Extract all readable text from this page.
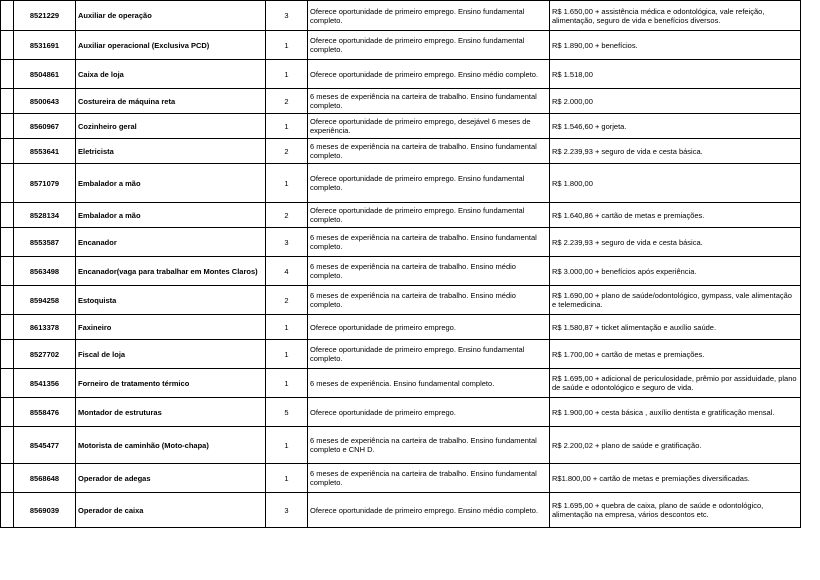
	8521229	Auxiliar de operação	3	Oferece oportunidade de primeiro emprego. Ensino fundamental completo.	R$ 1.650,00 + assistência médica e odontológica, vale refeição, alimentação, seguro de vida e benefícios diversos.
	8531691	Auxiliar operacional (Exclusiva PCD)	1	Oferece oportunidade de primeiro emprego. Ensino fundamental completo.	R$ 1.890,00 + benefícios.
	8504861	Caixa de loja	1	Oferece oportunidade de primeiro emprego. Ensino médio completo.	R$ 1.518,00
	8500643	Costureira de máquina reta	2	6 meses de experiência na carteira de trabalho. Ensino fundamental completo.	R$ 2.000,00
	8560967	Cozinheiro geral	1	Oferece oportunidade de primeiro emprego, desejável 6 meses de experiência.	R$ 1.546,60 + gorjeta.
	8553641	Eletricista	2	6 meses de experiência na carteira de trabalho. Ensino fundamental completo.	R$ 2.239,93 + seguro de vida e cesta básica.
	8571079	Embalador a mão	1	Oferece oportunidade de primeiro emprego. Ensino fundamental completo.	R$ 1.800,00
	8528134	Embalador a mão	2	Oferece oportunidade de primeiro emprego. Ensino fundamental completo.	R$ 1.640,86 + cartão de metas e premiações.
	8553587	Encanador	3	6 meses de experiência na carteira de trabalho. Ensino fundamental completo.	R$ 2.239,93 + seguro de vida e cesta básica.
	8563498	Encanador(vaga para trabalhar em Montes Claros)	4	6 meses de experiência na carteira de trabalho. Ensino médio completo.	R$ 3.000,00 + benefícios após experiência.
	8594258	Estoquista	2	6 meses de experiência na carteira de trabalho. Ensino médio completo.	R$ 1.690,00 + plano de saúde/odontológico, gympass, vale alimentação e telemedicina.
	8613378	Faxineiro	1	Oferece oportunidade de primeiro emprego.	R$ 1.580,87 + ticket alimentação e auxílio saúde.
	8527702	Fiscal de loja	1	Oferece oportunidade de primeiro emprego. Ensino fundamental completo.	R$ 1.700,00 + cartão de metas e premiações.
	8541356	Forneiro de tratamento térmico	1	6 meses de experiência. Ensino fundamental completo.	R$ 1.695,00 + adicional de periculosidade, prêmio por assiduidade, plano de saúde e odontológico e seguro de vida.
	8558476	Montador de estruturas	5	Oferece oportunidade de primeiro emprego.	R$ 1.900,00 + cesta básica , auxílio dentista e gratificação mensal.
	8545477	Motorista de caminhão (Moto-chapa)	1	6 meses de experiência na carteira de trabalho. Ensino fundamental completo e CNH D.	R$ 2.200,02 + plano de saúde e gratificação.
	8568648	Operador de adegas	1	6 meses de experiência na carteira de trabalho. Ensino fundamental completo.	R$1.800,00 + cartão de metas e premiações diversificadas.
	8569039	Operador de caixa	3	Oferece oportunidade de primeiro emprego. Ensino médio completo.	R$ 1.695,00 + quebra de caixa, plano de saúde e odontológico, alimentação na empresa, vários descontos etc.
